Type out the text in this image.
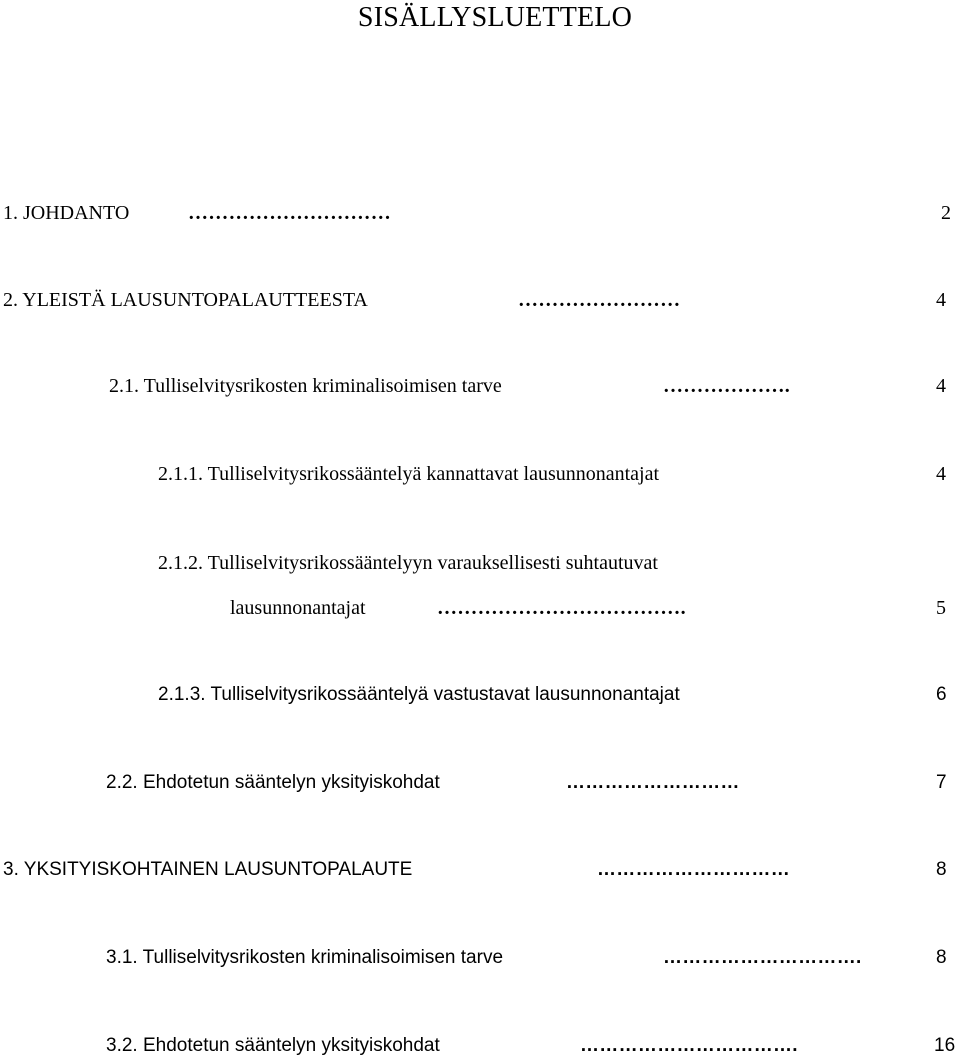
SISÄLLYSLUETTELO
1. JOHDANTO	…………………………	2
2. YLEISTÄ LAUSUNTOPALAUTTEESTA	……………………	4
2.1. Tulliselvitysrikosten kriminalisoimisen tarve	……………….	4
2.1.1. Tulliselvitysrikossääntelyä kannattavat lausunnonantajat	4
2.1.2. Tulliselvitysrikossääntelyyn varauksellisesti suhtautuvat
lausunnonantajat	……………………………….	5
2.1.3. Tulliselvitysrikossääntelyä vastustavat lausunnonantajat	6
2.2. Ehdotetun sääntelyn yksityiskohdat	………………………	7
3. YKSITYISKOHTAINEN LAUSUNTOPALAUTE	…………………………	8
3.1. Tulliselvitysrikosten kriminalisoimisen tarve	………………………….	8
3.2. Ehdotetun sääntelyn yksityiskohdat	…………………………….	16
